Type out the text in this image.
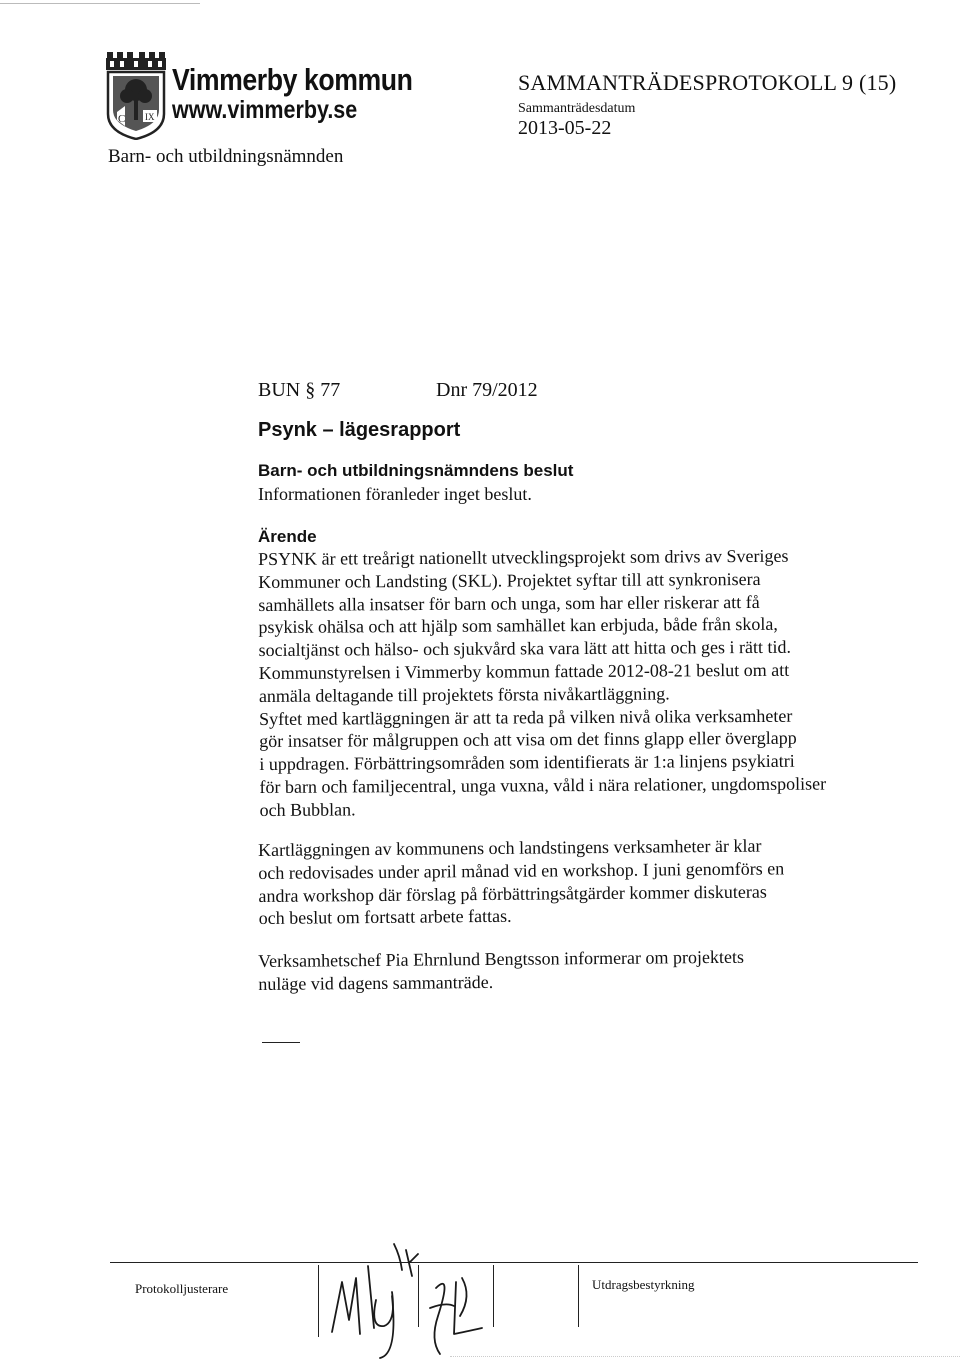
C IX
Vimmerby kommun
www.vimmerby.se
Barn- och utbildningsnämnden
SAMMANTRÄDESPROTOKOLL 9 (15)
Sammanträdesdatum
2013-05-22
BUN § 77	Dnr 79/2012
Psynk – lägesrapport
Barn- och utbildningsnämndens beslut
Informationen föranleder inget beslut.
Ärende
PSYNK är ett treårigt nationellt utvecklingsprojekt som drivs av Sveriges
Kommuner och Landsting (SKL). Projektet syftar till att synkronisera
samhällets alla insatser för barn och unga, som har eller riskerar att få
psykisk ohälsa och att hjälp som samhället kan erbjuda, både från skola,
socialtjänst och hälso- och sjukvård ska vara lätt att hitta och ges i rätt tid.
Kommunstyrelsen i Vimmerby kommun fattade 2012-08-21 beslut om att
anmäla deltagande till projektets första nivåkartläggning.
Syftet med kartläggningen är att ta reda på vilken nivå olika verksamheter
gör insatser för målgruppen och att visa om det finns glapp eller överglapp
i uppdragen. Förbättringsområden som identifierats är 1:a linjens psykiatri
för barn och familjecentral, unga vuxna, våld i nära relationer, ungdomspoliser
och Bubblan.
Kartläggningen av kommunens och landstingens verksamheter är klar
och redovisades under april månad vid en workshop. I juni genomförs en
andra workshop där förslag på förbättringsåtgärder kommer diskuteras
och beslut om fortsatt arbete fattas.
Verksamhetschef Pia Ehrnlund Bengtsson informerar om projektets
nuläge vid dagens sammanträde.
Protokolljusterare	Utdragsbestyrkning
